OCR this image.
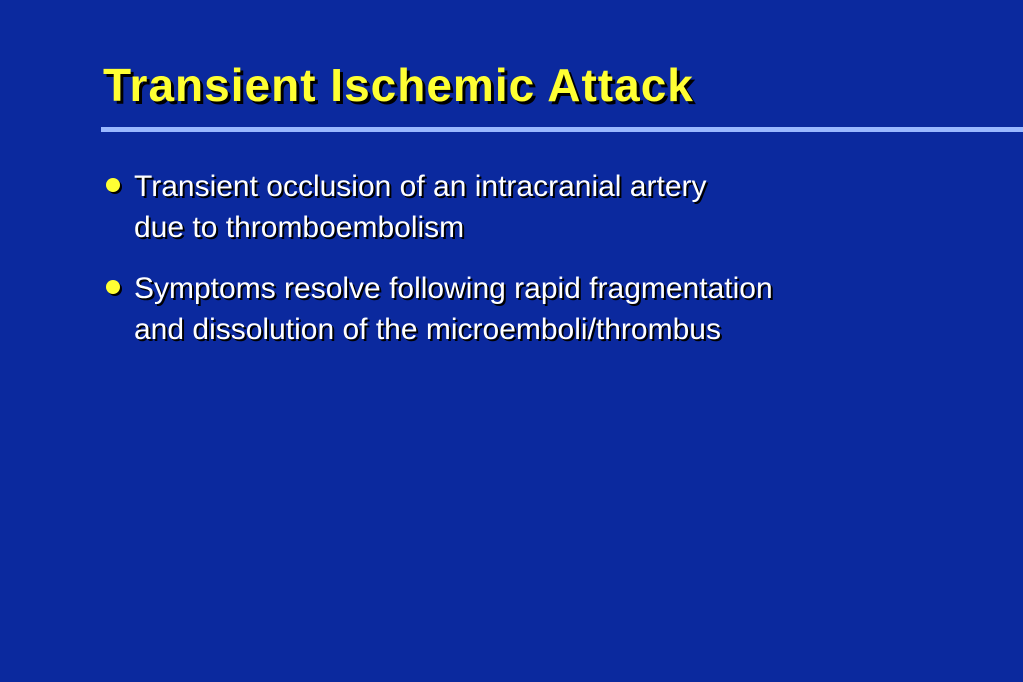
Transient Ischemic Attack
Transient occlusion of an intracranial artery
due to thromboembolism
Symptoms resolve following rapid fragmentation
and dissolution of the microemboli/thrombus
